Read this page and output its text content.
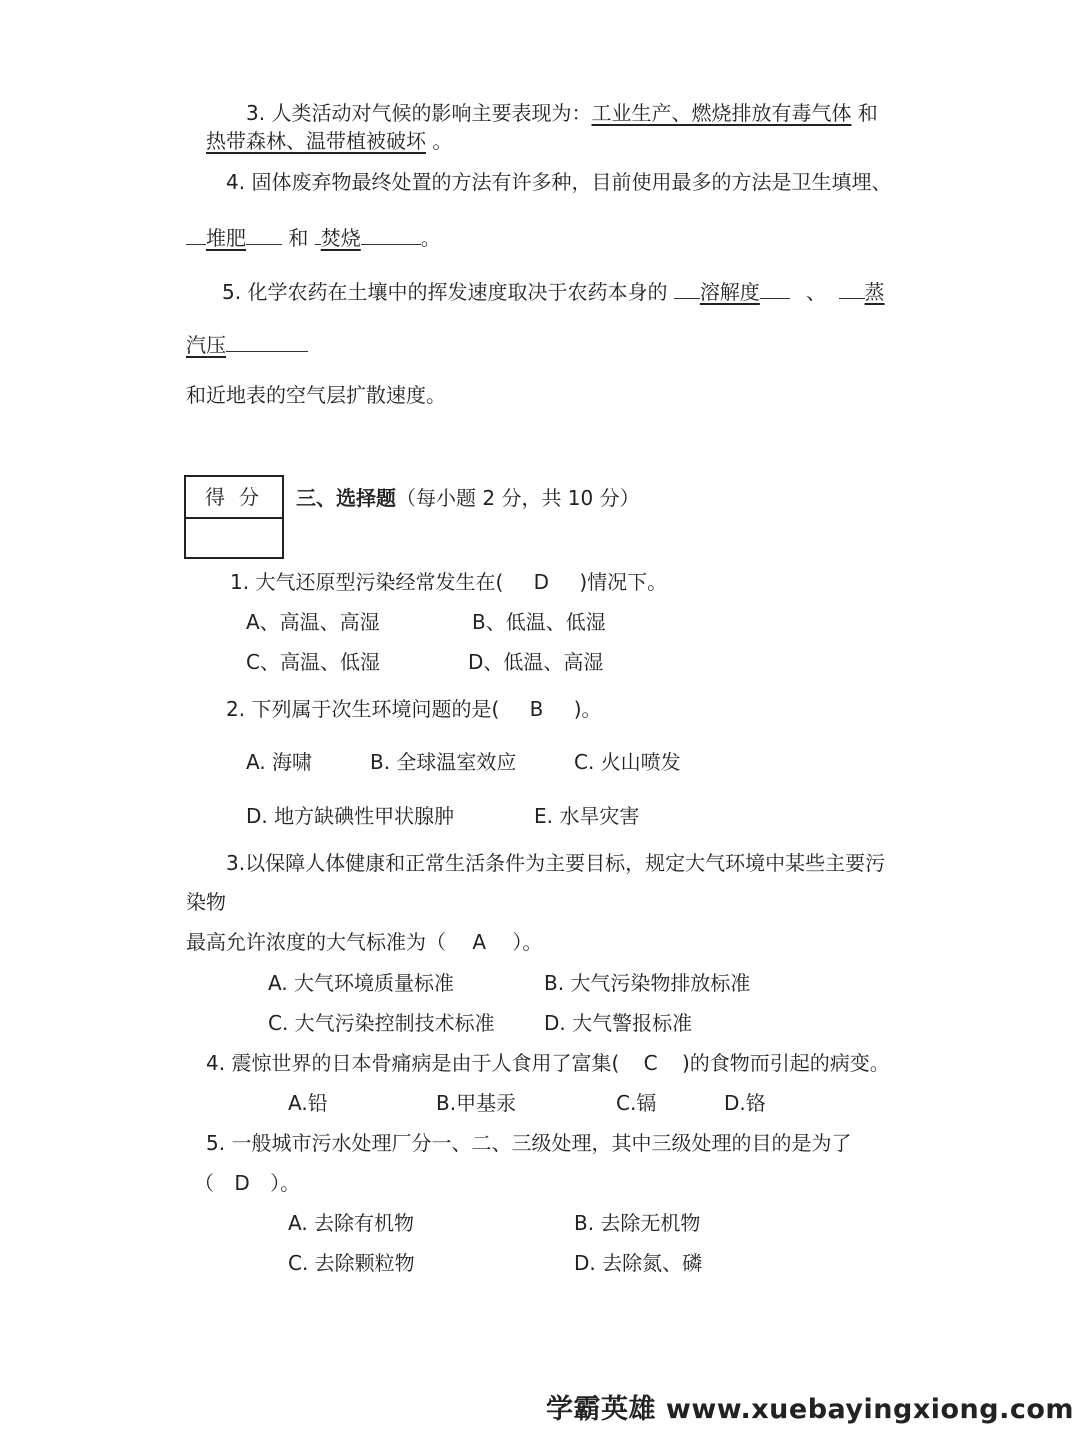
3. 人类活动对气候的影响主要表现为：工业生产、燃烧排放有毒气体 和
热带森林、温带植被破坏 。
4. 固体废弃物最终处置的方法有许多种，目前使用最多的方法是卫生填埋、
堆肥 和 焚烧	。
5. 化学农药在土壤中的挥发速度取决于农药本身的 溶解度 、 蒸
汽压
和近地表的空气层扩散速度。
得分	三、选择题（每小题 2 分，共 10 分）
1. 大气还原型污染经常发生在( D )情况下。
A、高温、高湿	B、低温、低湿
C、高温、低湿	D、低温、高湿
2. 下列属于次生环境问题的是( B )。
A. 海啸	B. 全球温室效应	C. 火山喷发
D. 地方缺碘性甲状腺肿	E. 水旱灾害
3.以保障人体健康和正常生活条件为主要目标，规定大气环境中某些主要污
染物
最高允许浓度的大气标准为（ A ）。
A. 大气环境质量标准	B. 大气污染物排放标准
C. 大气污染控制技术标准 D. 大气警报标准
4. 震惊世界的日本骨痛病是由于人食用了富集( C )的食物而引起的病变。
A.铅	B.甲基汞	C.镉	D.铬
5. 一般城市污水处理厂分一、二、三级处理，其中三级处理的目的是为了
（ D ）。
A. 去除有机物	B. 去除无机物
C. 去除颗粒物	D. 去除氮、磷
学霸英雄 www.xuebayingxiong.com
